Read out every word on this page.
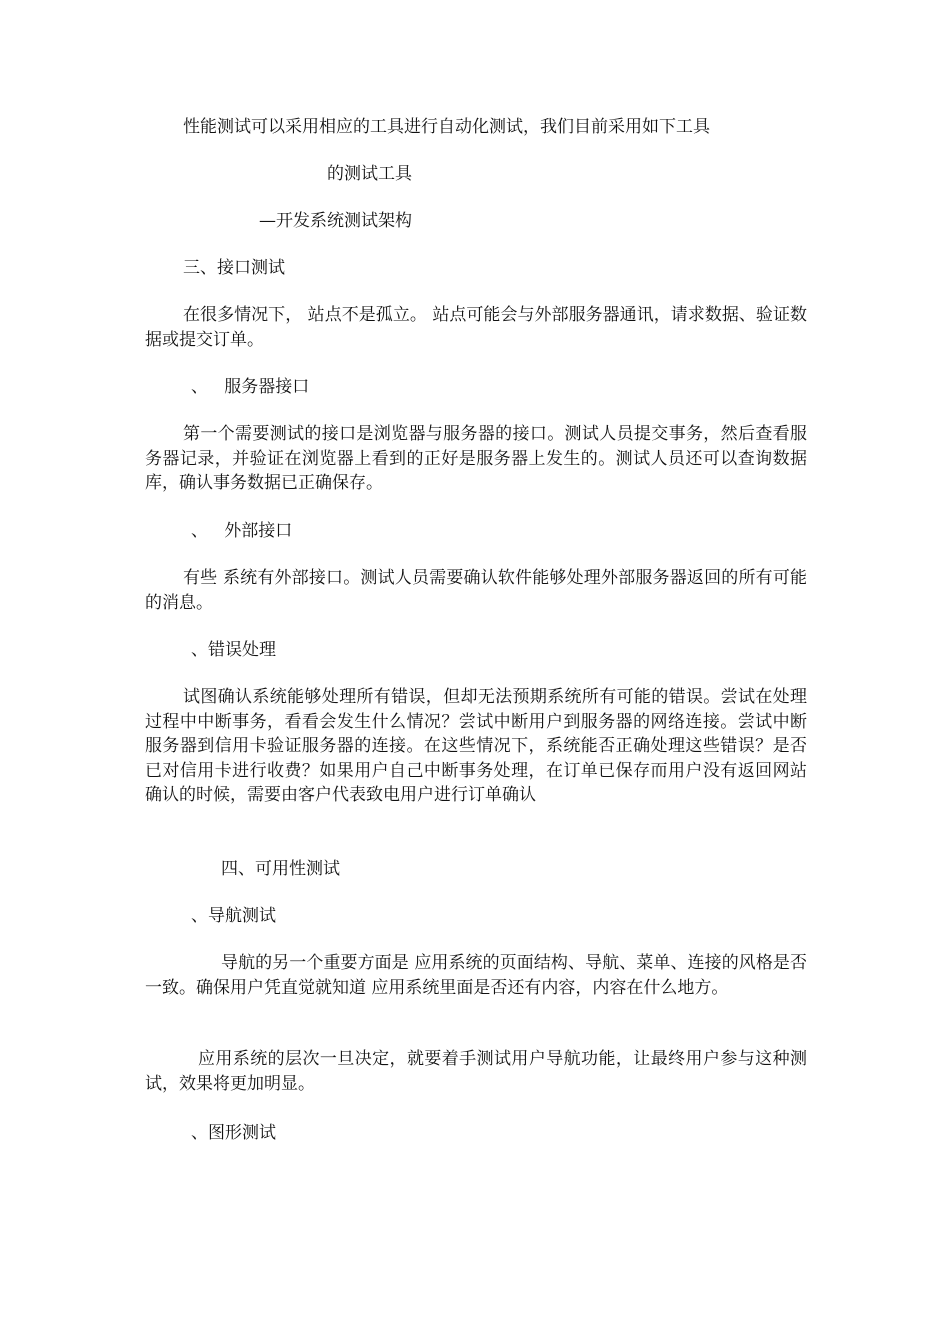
性能测试可以采用相应的工具进行自动化测试，我们目前采用如下工具
的测试工具
—开发系统测试架构
三、接口测试
在很多情况下， 站点不是孤立。 站点可能会与外部服务器通讯，请求数据、验证数据或提交订单。
、   服务器接口
第一个需要测试的接口是浏览器与服务器的接口。测试人员提交事务，然后查看服务器记录，并验证在浏览器上看到的正好是服务器上发生的。测试人员还可以查询数据库，确认事务数据已正确保存。
、   外部接口
有些 系统有外部接口。测试人员需要确认软件能够处理外部服务器返回的所有可能的消息。
、错误处理
试图确认系统能够处理所有错误，但却无法预期系统所有可能的错误。尝试在处理过程中中断事务，看看会发生什么情况？尝试中断用户到服务器的网络连接。尝试中断 服务器到信用卡验证服务器的连接。在这些情况下，系统能否正确处理这些错误？是否已对信用卡进行收费？如果用户自己中断事务处理，在订单已保存而用户没有返回网站确认的时候，需要由客户代表致电用户进行订单确认
四、可用性测试
、导航测试
导航的另一个重要方面是 应用系统的页面结构、导航、菜单、连接的风格是否一致。确保用户凭直觉就知道 应用系统里面是否还有内容，内容在什么地方。
应用系统的层次一旦决定，就要着手测试用户导航功能，让最终用户参与这种测试，效果将更加明显。
、图形测试
